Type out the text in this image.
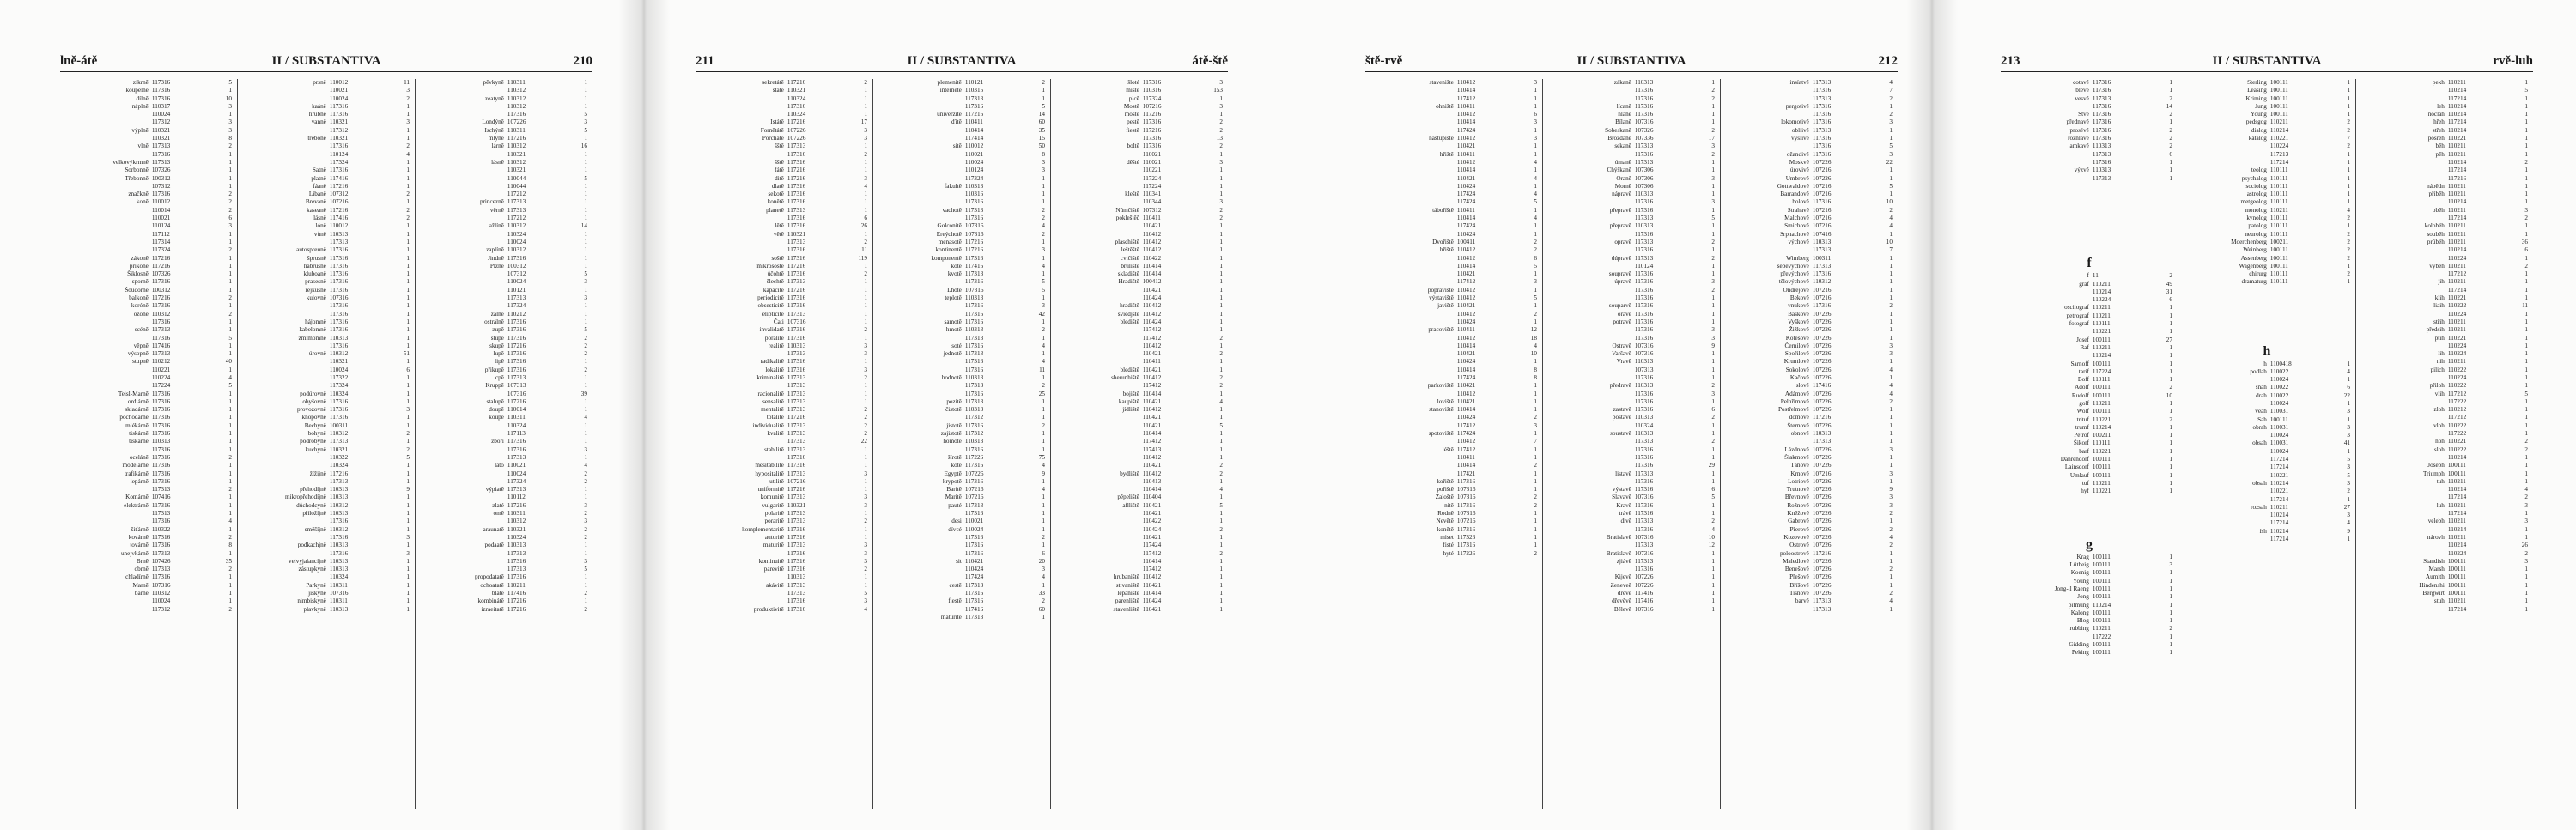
lně-átě	II / SUBSTANTIVA	210
zíkrně 117316	5
koupelně 117316	1
dílně 117316	10
náplně 110317	3
110024	1
117312	3
výplně 110321	3
110321	8
vlně 117313	2
117316	1
velkovýkrmně 117313	1
Sorbonně 107326	1
Třebonně 100312	1
107312	1
značkně 117316	2
koně 110012	2
110014	2
110021	6
110124	3
117112	1
117314	1
117324	2
zákoně 117216	1
přikoně 117216	1
Šiklosně 107326	1
sporně 117316	1
Šoudorně 100312	1
balkoně 117216	2
koróně 117316	1
ozoně 110312	2
117316	1
scéně 117313	1
117316	5
věpně 117416	1
výsopně 117313	1
stupně 110212	40
110221	1
110224	4
117224	5
Teisl-Marně 117316	1
ordiárně 117316	1
skladárně 117316	1
pochodárně 117316	1
mlékárně 117316	1
tiskárně 117316	1
tiskárně 110313	1
117316	1
oceláně 117316	2
modelárně 117316	1
trafikárně 117316	1
lepárně 117316	1
117313	2
Komárně 107416	1
elektrárně 117316	1
117313	1
117316	4
šiťárně 110322	1
kovárně 117316	2
továrně 117316	8
unejvkárně 117313	1
Brně 107426	35
obrně 117313	2
chladírně 117316	1
Mamě 107316	1
barně 110312	1
110024	1
117312	2
prsně 110012	11
110021	3
110024	2
kaáně 117316	1
hrubně 117316	1
vanně 110321	3
117312	1
třeboně 110321	1
117316	2
110124	4
117324	1
Satně 117316	1
platně 117416	1
fáaně 117216	1
Libaně 107312	2
Brevaně 107216	1
kaseaně 117216	2
lásně 117416	2
lóně 110012	1
vůně 110313	1
117313	1
autospreuně 117316	1
šprusně 117316	1
hábrusně 117316	1
kluboaně 117316	1
prasesně 117316	1
rejkusně 117316	1
kulovně 107316	1
117316	1
117316	1
hájomně 117316	1
kabelomně 117316	1
zmimomně 110313	1
117316	1
úrovně 110312	51
110321	1
110024	6
117322	1
117324	1
podúrovně 110324	1
obyšovně 117316	1
provozovně 117316	3
knopovně 117316	1
Bechyně 100311	1
bohyně 110312	2
podrobyně 117313	1
kuchyně 110321	2
110322	5
110324	1
žížijně 117216	1
117313	1
přehodíjně 110313	9
mikropřehodíjně 110313	1
důchodcyně 110312	1
přiložíjně 110313	1
117316	1
směšíjně 110312	1
117316	3
podkachjně 110313	1
117316	3
velvyjalancíjně 110313	1
zástupkyně 110313	1
110324	1
Parkyně 110311	1
jiskyně 107316	1
nimbiskyně 110311	1
plavkyně 110313	1
pěvkyně 110311	1
110312	1
zeatyně 110312	1
110312	1
117316	5
Londýně 107226	3
Ischýně 110311	5
mlýně 117216	1
lárně 110312	16
110321	1
lásně 110312	1
110321	1
110044	5
110044	1
117212	1
princezně 117313	1
věrně 117313	1
117212	1
ažlíně 110312	14
110324	1
110024	1
zaplíně 110312	1
Jindně 117316	1
Plzně 100312	1
107312	5
110024	3
110121	1
117313	3
117324	1
zalně 110212	1
ostrálně 117316	1
zupě 117316	5
stupě 117316	2
skupě 117216	2
lupě 117316	2
lipě 117316	1
přikupě 117316	2
cpě 117313	1
Kruppě 107313	1
107316	39
stalupě 117216	1
doupě 110014	1
koupě 110311	4
110324	1
117113	1
zboří 117316	1
117316	3
117313	1
lató 110021	4
110024	2
117324	2
výpiatě 117313	1
110112	1
zlaté 117216	3
omě 110311	2
110312	3
araunatě 110321	2
110324	2
podaatě 110313	1
117313	1
117316	3
117313	5
propodatatě 117316	1
ochoatatě 110211	1
bláté 117416	2
kombinátě 117216	1
izraeitatě 117216	2
211	II / SUBSTANTIVA	átě-ště
sekretátě 117216	2
státě 110321	1
110324	1
117316	1
110324	1
Istátě 117216	17
Fornětátě 107226	3
Porchátě 107226	3
šště 117313	1
117316	2
šště 117316	1
fátě 117216	1
ditě 117216	3
dlatě 117316	4
sekotě 117316	1
konětě 117316	1
planetě 117313	1
117316	6
lětě 117316	26
větě 110321	1
117313	2
117316	11
soště 117316	119
mikrosoště 117216	1
ůčohtě 117316	2
šlechtě 117313	1
kapacitě 117216	1
periodicitě 117316	1
obsesticitě 117316	1
elipticitě 117313	1
Čati 107316	1
invalidatě 117316	2
poralitě 117316	1
realitě 110313	3
117313	3
radikalitě 117316	1
lokalitě 117316	3
kriminalitě 117313	2
117313	1
racionalitě 117313	1
sensalitě 117313	1
mentalitě 117313	2
totalitě 117216	2
individualitě 117313	2
kvalitě 117313	2
117313	22
stabilitě 117313	1
117316	1
mesitabilitě 117316	1
hypositalitě 117313	3
utilitě 107216	1
uniformitě 117216	1
komunitě 117313	3
vulgaritě 110321	3
polaritě 117313	1
poraritě 117313	2
komplementaritě 117316	1
autoritě 117316	1
maturitě 117313	3
117316	3
kontinuitě 117316	3
parevitě 117316	2
110313	1
akávitě 117313	1
117313	5
117316	3
produktivitě 117316	4
plemenitě 110121	2
internetě 110315	1
117313	1
117316	5
univerzitě 117216	14
ďitě 110411	60
110414	35
117414	15
sitě 110012	50
110021	8
110024	3
110124	3
117324	1
fakultě 110313	1
110316	1
117316	1
vachotě 117313	2
117316	2
Golconitě 107316	4
Ereýchotě 107316	2
menasotě 117216	1
kontinentě 117216	3
komponentě 117316	1
kotě 117416	4
kvotě 117313	1
117316	5
Lhotě 107316	5
teplotě 110313	1
117316	3
117316	42
samotě 117316	1
hmotě 110313	2
117313	1
soté 117316	4
jednotě 117313	1
117316	4
117316	11
hodnotě 110313	1
117313	2
117316	25
pozitě 117313	1
čistotě 110313	1
117312	1
jistotě 117316	2
zajistotě 117312	1
homotě 110313	1
117316	1
šírotě 117226	75
kotě 117316	4
Egyptě 107226	9
krypotě 117316	1
Baritě 107216	4
Maritě 107216	1
pauté 117313	1
117316	1
desi 110021	1
dívcé 110024	1
117316	2
117316	1
117316	6
sit 110421	20
110424	3
117424	4
cestě 117313	1
117316	33
fiestě 117316	2
117416	60
maturitě 117313	1
šloté 117316	3
mistě 110316	153
plcě 117324	1
Mostě 107216	3
mostě 117216	1
pestě 117316	2
fiestě 117216	2
117316	13
boltě 117316	2
110021	1
děšté 110021	3
110221	1
117224	1
117224	1
kleště 110341	1
110344	3
Númčiště 107312	2
pokleštěč 110411	2
110421	1
110412	1
plaschiště 110412	1
leštěště 110412	1
cvičiště 110422	1
bruliště 110414	1
skladiště 110414	1
Hradiště 100412	1
110421	1
110424	1
hradiště 110412	1
sviedjště 110412	1
blediště 110424	1
117412	1
117412	2
110412	1
110421	2
110411	1
blediště 110421	1
sherunhiště 110412	2
117412	2
bojiště 110414	1
kaupiště 110421	4
jídliště 110412	1
110421	1
110421	5
110414	1
117412	1
117413	1
110412	1
110421	2
bydliště 110412	2
110413	1
110414	4
pěpeliště 110404	1
aflliště 110421	5
110421	1
110422	1
110424	2
110421	1
117424	1
117412	2
110414	1
117412	1
hrubaniště 110412	1
stivaniště 110421	1
lepaniště 110414	1
parenliště 110424	1
stavenliště 110421	1
ště-rvě	II / SUBSTANTIVA	212
stavenište 110412	3
110414	1
117412	1
ohniště 110411	1
110412	6
110414	3
117424	1
nástupiště 110412	3
110421	1
hřiště 110411	1
110412	4
110414	1
110421	4
110424	1
117424	4
117424	5
táboříště 110411	1
110414	4
117424	1
110424	1
Dvořiště 100411	2
hřiště 110412	2
110412	6
110414	5
110421	1
117412	3
popraviště 110412	1
výstaviště 110412	5
javiště 110421	1
110412	2
110424	1
pracoviště 110411	12
110412	18
110414	4
110421	10
110424	1
110414	8
117424	8
parkoviště 110421	1
110412	1
loviště 110421	1
stanoviště 110414	1
110424	2
117412	3
spotoviště 117424	1
110412	7
léště 117412	1
110411	1
110414	2
117421	1
kořiště 117316	1
pořiště 107316	1
Zaloště 107316	2
nitě 117316	2
Rodně 107316	1
Nevětě 107216	1
konětě 117316	1
miset 117326	1
fisté 117316	1
hyté 117226	2
zákaně 110313	1
117316	2
117316	2
lícaně 117316	1
hlaně 117316	1
Bílaně 107316	1
Sobeskaně 107326	2
Brozdaně 107336	17
sekaně 117313	3
117316	2
úmaně 117313	1
Chýškaně 107306	1
Oraně 107306	3
Morně 107306	1
nápravě 110313	1
117316	3
přepravě 117316	1
117313	5
přepravě 110313	1
117316	1
opravě 117313	2
117316	1
dúpravě 117313	2
110124	1
soupravě 117316	1
úpravě 117316	3
117316	2
117316	1
souparvě 117316	1
oravě 117316	1
potravě 117316	1
117316	3
117316	3
Ostravě 107316	9
Varšavě 107316	1
Vravě 110313	1
107313	1
117316	1
předravě 110313	2
117316	3
117316	1
zastavě 117316	6
postavě 110313	2
110324	1
soustavě 110313	1
117313	2
117316	1
117316	1
117316	29
listavě 117313	1
117316	1
výstavě 117316	6
Slavavě 107316	5
Kravě 117316	1
trávě 117316	1
dívě 117313	2
117316	4
Bratislavě 107316	10
117313	12
Bratislavě 107316	1
zjiávě 117313	1
117316	1
Kijevě 107226	1
Zeneveě 107226	1
dřevě 117416	1
dřevěvě 117416	1
Bělevě 107316	1
insíatvě 117313	4
117316	7
117313	2
pergotivě 117316	1
117316	2
lokomotivě 117316	3
oblíivě 117313	1
vyšlivě 117316	1
117316	5
ožandivě 117316	3
Moskvě 107226	22
úrovivě 107216	1
Umbrově 107226	1
Gottwaldově 107216	5
Barrandově 107216	1
bolově 117316	10
Strahavě 107216	2
Malchově 107216	4
Smichově 107216	4
Srpnachově 107416	1
výchově 110313	10
117313	7
Wimberg 100311	1
sebevýchově 117313	1
převýchově 117316	1
tělovýchově 110312	1
Ondřejově 107216	1
Bekově 107216	1
vnukově 117316	2
Baskově 107226	1
Vyškově 107226	1
Žižkově 107226	1
Kotěšove 107226	1
Černilově 107226	3
Spořilově 107226	3
Kruntlově 107226	1
Sokolově 107226	4
Kačově 107226	1
slově 117416	4
Adámově 107226	4
Pelhřimově 107226	2
Postřelmově 107226	1
domově 117216	1
Šternově 107226	1
obnově 110313	1
117313	1
Lázdnově 107226	3
Šlakmově 107226	1
Tánově 107226	1
Krnově 107216	3
Lotriově 107226	1
Trutnově 107226	9
Břevnově 107226	3
Rožnově 107226	3
Kněžově 107226	2
Gabrově 107226	1
Přerově 107226	2
Kozovově 107226	4
Ostrově 107226	2
poloostrově 117216	1
Maledlově 107226	1
Benešově 107226	2
Přešově 107226	1
Bříšově 107226	1
Tišnově 107226	2
barvě 117313	4
117313	1
213	II / SUBSTANTIVA	rvě-luh
cotavě 117316	1
blevě 117316	1
vesvě 117313	2
117316	14
Stvě 117316	2
přednavě 117316	1
prosévě 117316	2
roznlavě 117316	2
amkavě 110313	2
117313	6
117316	1
výzvě 110313	1
117313	1
f
f 11	2
graf 110211	49
110214	31
110224	6
oscilograf 110211	1
petrograf 110211	1
fotograf 110111	1
110221	1
Josef 100111	27
Raf 110211	1
110214	1
Sarnoff 100111	1
tarif 117224	1
Boff 110111	1
Adolf 100111	2
Rudolf 100111	10
golf 110211	1
Wolf 100111	1
trituf 110221	2
trumf 110214	1
Petrof 100211	1
Šikorf 110111	1
barf 110221	1
Dahrendorf 100111	1
Lainsdorf 100111	1
Umlauf 100111	1
tuf 110211	1
hyf 110221	1
g
Krag 100111	1
Lütheig 100111	3
Koenig 100111	1
Young 100111	1
Jong-il Raeng 100111	1
Jong 100111	1
pitmung 110214	1
Kalong 100111	1
Blog 100111	1
rubbing 110211	2
117222	1
Gidding 100111	1
Peking 100111	1
Sterling 100111	1
Leasing 100111	1
Kriming 100111	1
Jung 100111	1
Young 100111	1
pedsgog 110211	2
dialog 110214	2
katalog 110221	7
110224	2
117213	1
117214	1
teolog 110111	1
psychalog 110111	1
sociolog 110111	1
astrolog 110111	1
metgeolog 110111	1
monolog 110211	4
kynolog 110111	2
patolog 110111	1
neurolog 110111	2
Moerchenberg 100211	2
Weinberg 100111	2
Assenberg 100111	2
Wagenberg 100111	1
chirurg 110111	2
dramaturg 110111	1
h
h 1100418	1
podlah 110022	4
110024	1
snah 110022	6
drah 110022	22
110024	1
veah 110031	3
Sah 100111	1
obrah 110031	3
110024	3
obsah 110031	41
110024	1
117214	5
117214	3
110221	5
obsah 110214	3
110221	2
117214	1
rozsah 110211	27
110214	3
117214	4
ísh 110214	9
117214	1
pekh 110211	1
110214	5
117214	1
leh 110214	1
noclah 110214	1
hřeh 117214	1
střeh 110214	1
posřeh 110221	1
běh 110211	1
pěh 110211	1
110214	2
117214	1
117216	1
nábědn 110211	1
přiběh 110211	1
110214	1
oběh 110211	3
117214	2
kolobéh 110211	1
souběh 110211	1
průbéh 110211	36
110214	6
110224	1
výběh 110211	2
117212	1
jih 110211	1
117214	1
klih 110221	1
liaih 110222	11
110224	1
střih 110211	1
předsih 110211	1
ptih 110221	1
110224	1
lih 110224	1
nih 110211	1
pilich 110222	1
110224	1
přiloh 110222	1
vlih 117212	5
117222	1
zloh 110212	1
117212	1
vloh 110222	1
117222	1
noh 110221	2
sloh 110222	2
110214	1
Joseph 100111	1
Triumph 100111	1
tuh 110211	1
110214	4
117214	2
luh 110211	3
117214	1
velebh 110211	3
110214	1
nárovh 110211	1
110214	26
110224	2
Standish 100111	3
Marsh 100111	1
Aumith 100111	1
Hindenshi 100111	1
Bergwirt 100111	1
stuh 110211	1
117214	1
